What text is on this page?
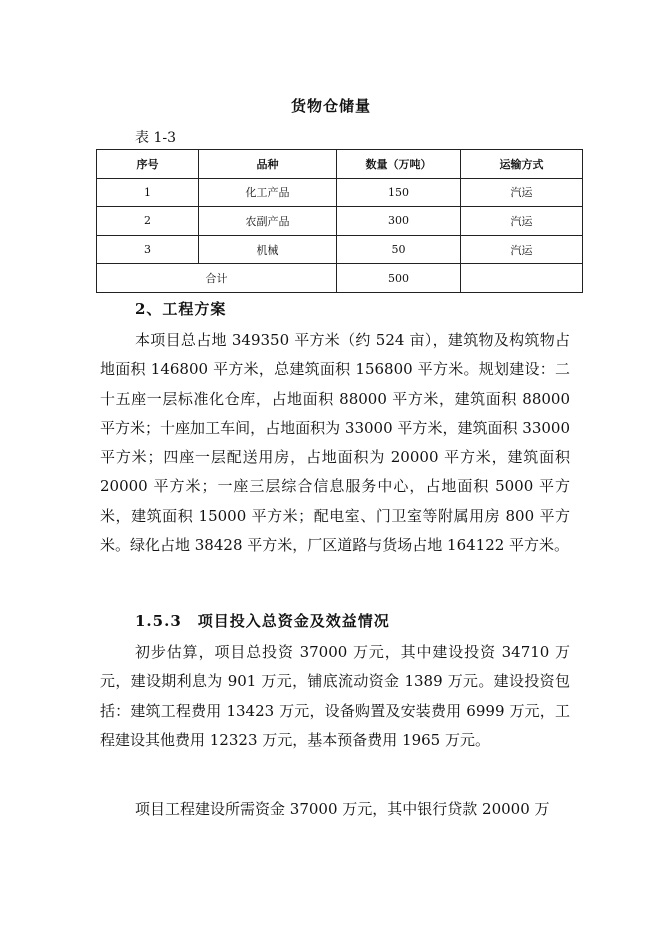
货物仓储量
表 1-3
序号	品种	数量（万吨）	运输方式
1	化工产品	150	汽运
2	农副产品	300	汽运
3	机械	50	汽运
合计		500	
2、工程方案
本项目总占地 349350 平方米（约 524 亩），建筑物及构筑物占地面积 146800 平方米，总建筑面积 156800 平方米。规划建设：二十五座一层标准化仓库，占地面积 88000 平方米，建筑面积 88000 平方米；十座加工车间，占地面积为 33000 平方米，建筑面积 33000 平方米；四座一层配送用房，占地面积为 20000 平方米，建筑面积 20000 平方米；一座三层综合信息服务中心，占地面积 5000 平方米，建筑面积 15000 平方米；配电室、门卫室等附属用房 800 平方米。绿化占地 38428 平方米，厂区道路与货场占地 164122 平方米。
1.5.3　项目投入总资金及效益情况
初步估算，项目总投资 37000 万元，其中建设投资 34710 万元，建设期利息为 901 万元，铺底流动资金 1389 万元。建设投资包括：建筑工程费用 13423 万元，设备购置及安装费用 6999 万元，工程建设其他费用 12323 万元，基本预备费用 1965 万元。
项目工程建设所需资金 37000 万元，其中银行贷款 20000 万
